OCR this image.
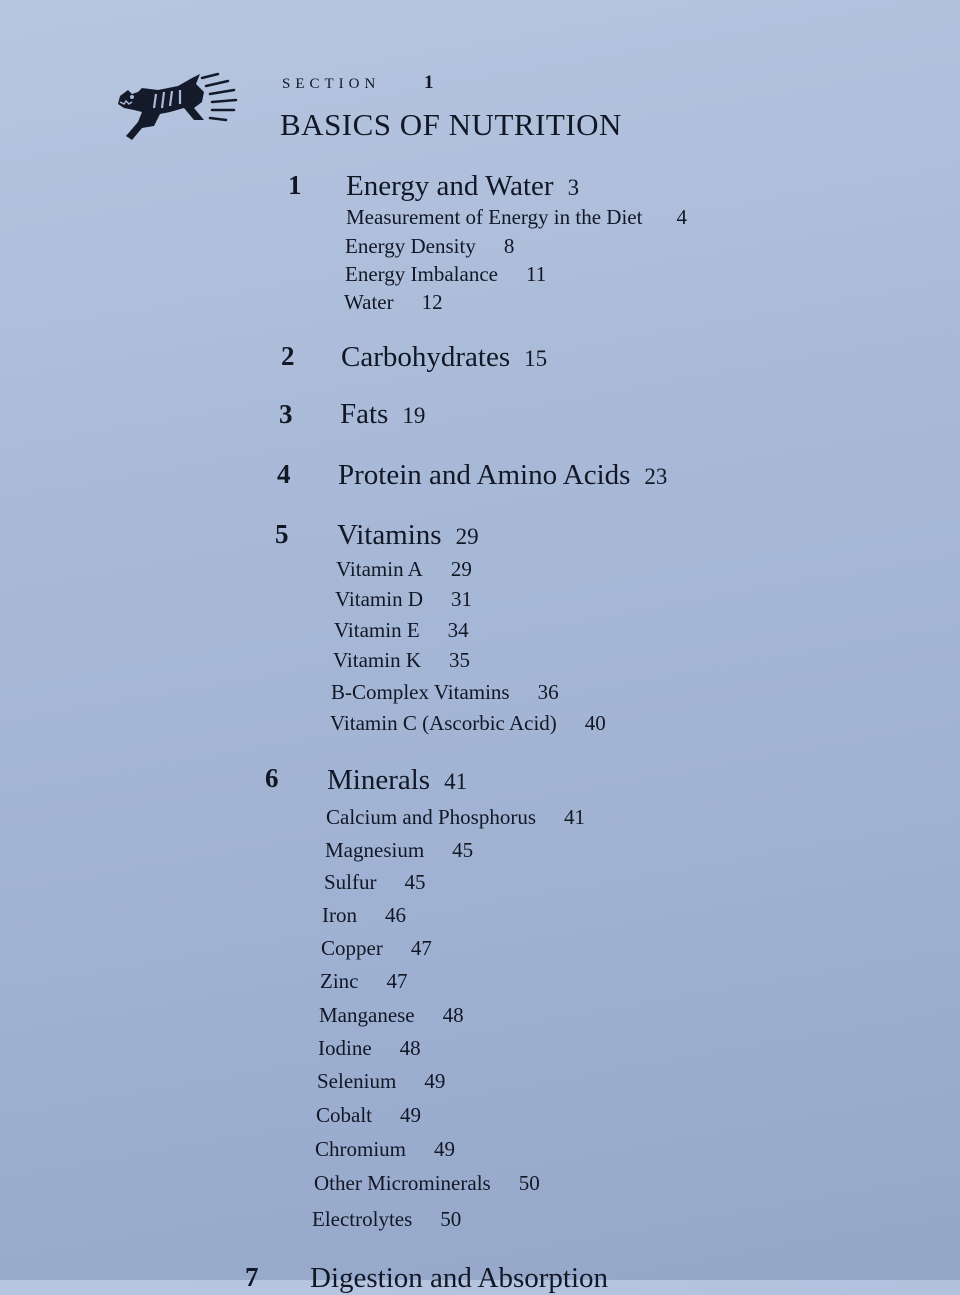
SECTION 1
BASICS OF NUTRITION
1 Energy and Water 3
Measurement of Energy in the Diet 4
Energy Density 8
Energy Imbalance 11
Water 12
2 Carbohydrates 15
3 Fats 19
4 Protein and Amino Acids 23
5 Vitamins 29
Vitamin A 29
Vitamin D 31
Vitamin E 34
Vitamin K 35
B-Complex Vitamins 36
Vitamin C (Ascorbic Acid) 40
6 Minerals 41
Calcium and Phosphorus 41
Magnesium 45
Sulfur 45
Iron 46
Copper 47
Zinc 47
Manganese 48
Iodine 48
Selenium 49
Cobalt 49
Chromium 49
Other Microminerals 50
Electrolytes 50
7 Digestion and Absorption
